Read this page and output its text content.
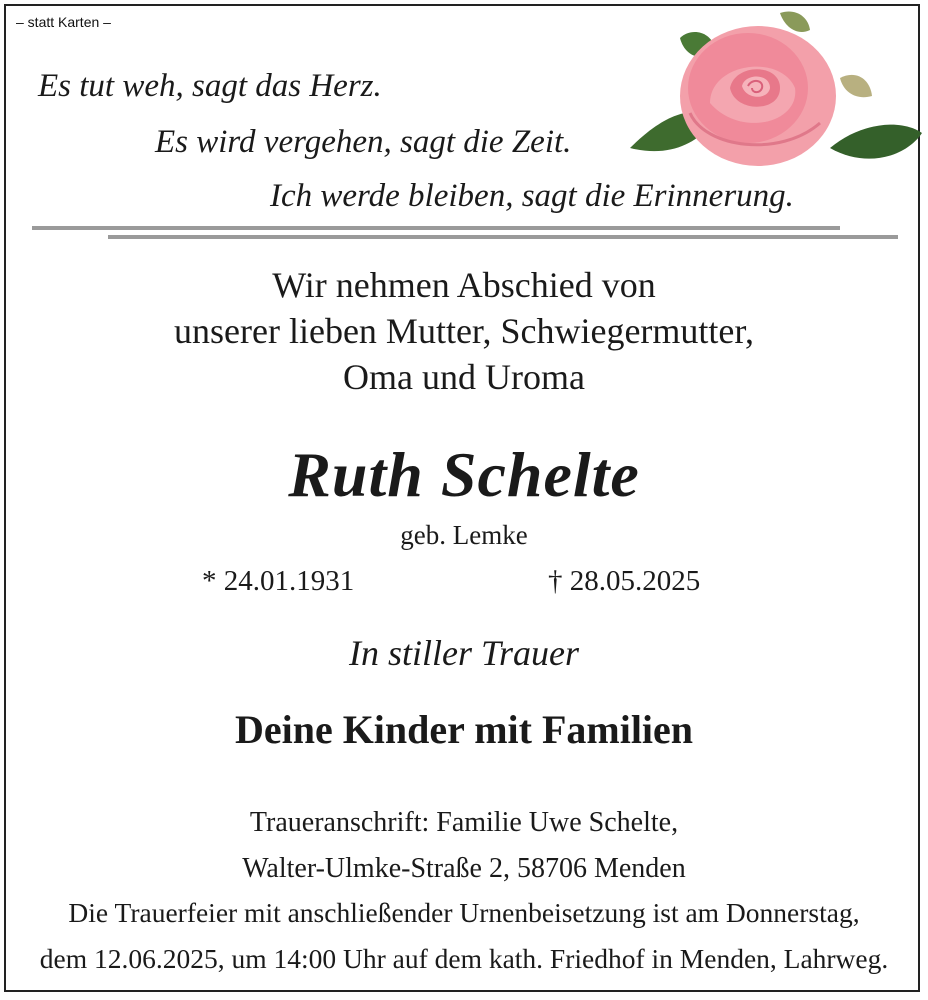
– statt Karten –
Es tut weh, sagt das Herz.
Es wird vergehen, sagt die Zeit.
Ich werde bleiben, sagt die Erinnerung.
Wir nehmen Abschied von
unserer lieben Mutter, Schwiegermutter,
Oma und Uroma
Ruth Schelte
geb. Lemke
* 24.01.1931	† 28.05.2025
In stiller Trauer
Deine Kinder mit Familien
Traueranschrift: Familie Uwe Schelte,
Walter-Ulmke-Straße 2, 58706 Menden
Die Trauerfeier mit anschließender Urnenbeisetzung ist am Donnerstag,
dem 12.06.2025, um 14:00 Uhr auf dem kath. Friedhof in Menden, Lahrweg.
